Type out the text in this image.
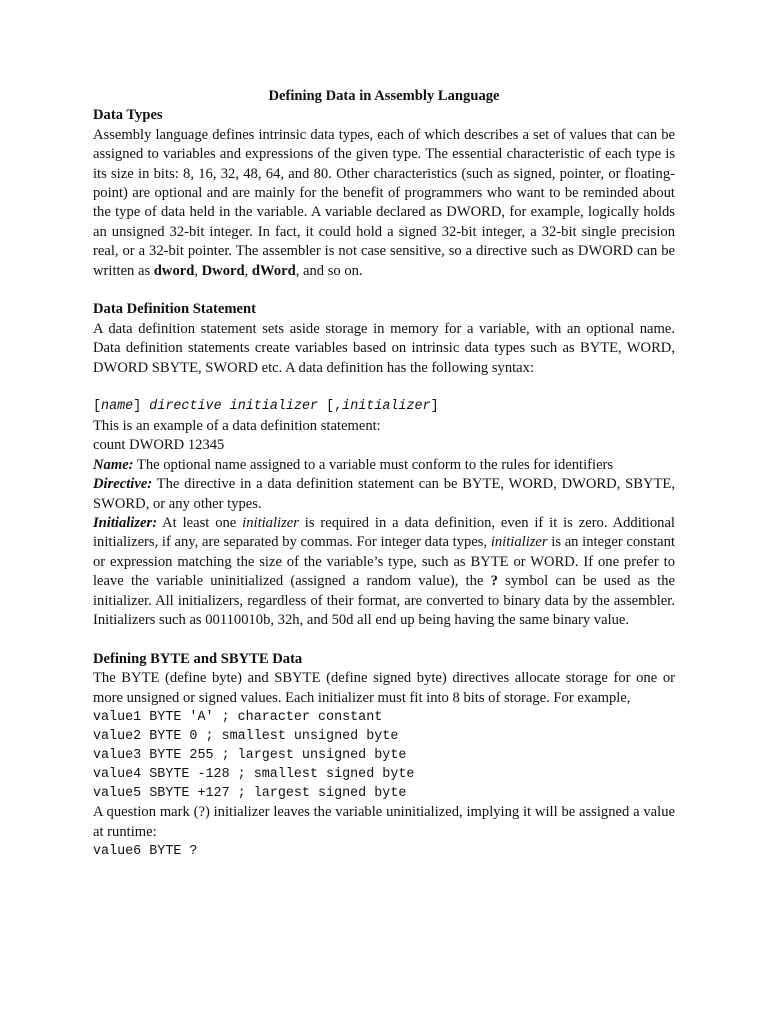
Defining Data in Assembly Language

Data Types

Assembly language defines intrinsic data types, each of which describes a set of values that can be assigned to variables and expressions of the given type. The essential characteristic of each type is its size in bits: 8, 16, 32, 48, 64, and 80. Other characteristics (such as signed, pointer, or floating-point) are optional and are mainly for the benefit of programmers who want to be reminded about the type of data held in the variable. A variable declared as DWORD, for example, logically holds an unsigned 32-bit integer. In fact, it could hold a signed 32-bit integer, a 32-bit single precision real, or a 32-bit pointer. The assembler is not case sensitive, so a directive such as DWORD can be written as dword, Dword, dWord, and so on.

Data Definition Statement

A data definition statement sets aside storage in memory for a variable, with an optional name. Data definition statements create variables based on intrinsic data types such as BYTE, WORD, DWORD SBYTE, SWORD etc. A data definition has the following syntax:

[name] directive initializer [,initializer]

This is an example of a data definition statement:

count DWORD 12345

Name: The optional name assigned to a variable must conform to the rules for identifiers

Directive: The directive in a data definition statement can be BYTE, WORD, DWORD, SBYTE, SWORD, or any other types.

Initializer: At least one initializer is required in a data definition, even if it is zero. Additional initializers, if any, are separated by commas. For integer data types, initializer is an integer constant or expression matching the size of the variable’s type, such as BYTE or WORD. If one prefer to leave the variable uninitialized (assigned a random value), the ? symbol can be used as the initializer. All initializers, regardless of their format, are converted to binary data by the assembler. Initializers such as 00110010b, 32h, and 50d all end up being having the same binary value.

Defining BYTE and SBYTE Data

The BYTE (define byte) and SBYTE (define signed byte) directives allocate storage for one or more unsigned or signed values. Each initializer must fit into 8 bits of storage. For example,

value1 BYTE 'A' ; character constant

value2 BYTE 0 ; smallest unsigned byte

value3 BYTE 255 ; largest unsigned byte

value4 SBYTE -128 ; smallest signed byte

value5 SBYTE +127 ; largest signed byte

A question mark (?) initializer leaves the variable uninitialized, implying it will be assigned a value at runtime:

value6 BYTE ?
